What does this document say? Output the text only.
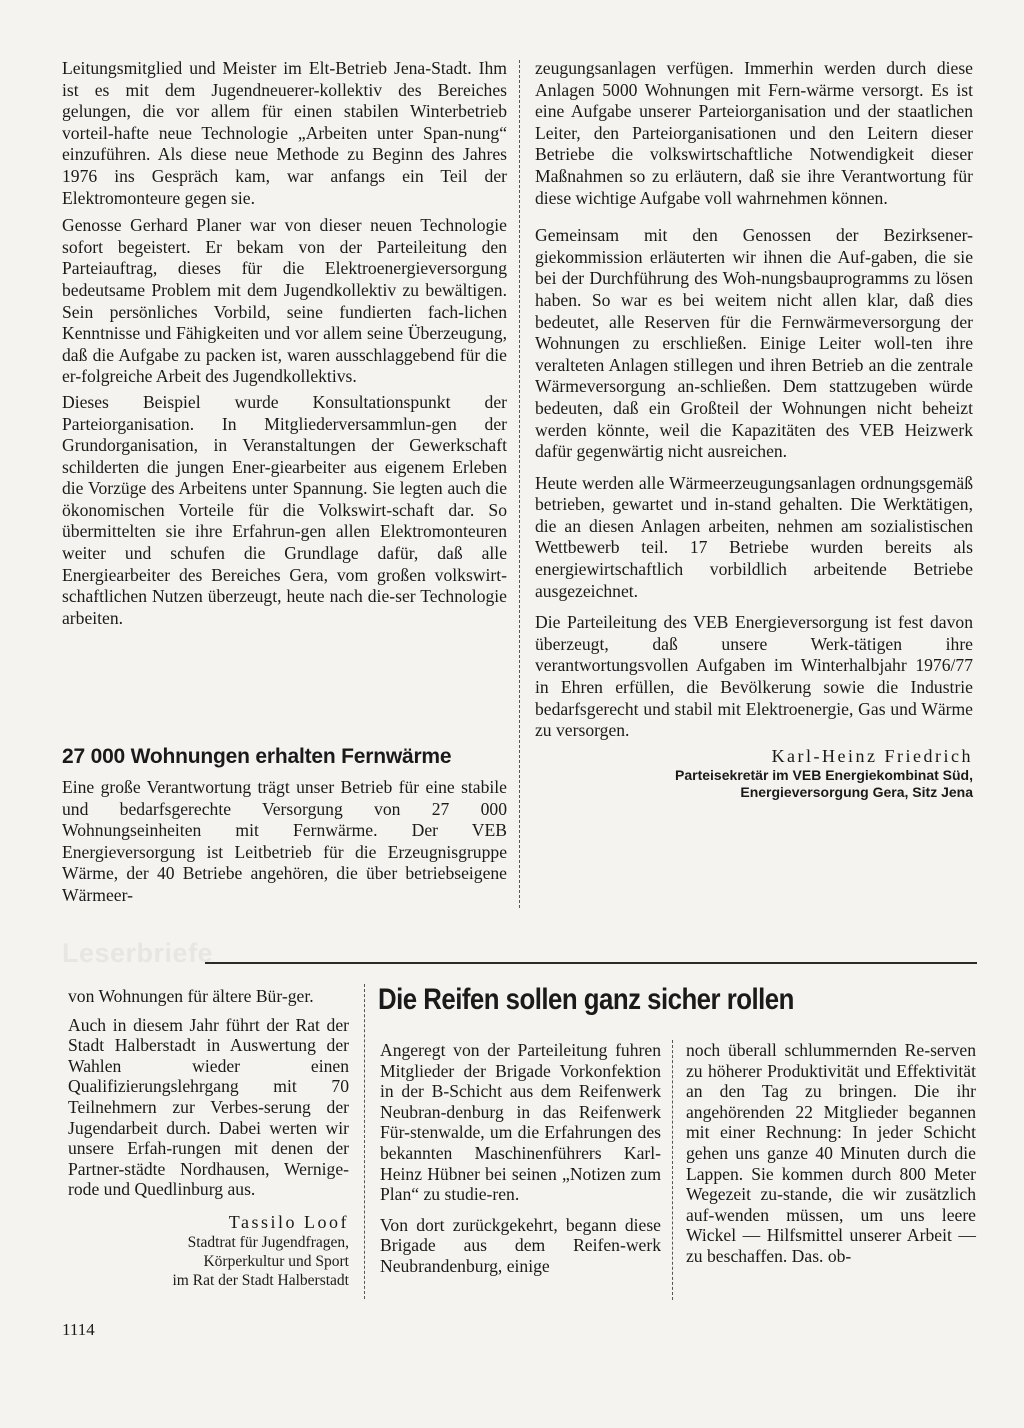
Leitungsmitglied und Meister im Elt-Betrieb Jena-Stadt. Ihm ist es mit dem Jugendneuerer-kollektiv des Bereiches gelungen, die vor allem für einen stabilen Winterbetrieb vorteil-hafte neue Technologie „Arbeiten unter Span-nung“ einzuführen. Als diese neue Methode zu Beginn des Jahres 1976 ins Gespräch kam, war anfangs ein Teil der Elektromonteure gegen sie.

Genosse Gerhard Planer war von dieser neuen Technologie sofort begeistert. Er bekam von der Parteileitung den Parteiauftrag, dieses für die Elektroenergieversorgung bedeutsame Problem mit dem Jugendkollektiv zu bewältigen. Sein persönliches Vorbild, seine fundierten fach-lichen Kenntnisse und Fähigkeiten und vor allem seine Überzeugung, daß die Aufgabe zu packen ist, waren ausschlaggebend für die er-folgreiche Arbeit des Jugendkollektivs.

Dieses Beispiel wurde Konsultationspunkt der Parteiorganisation. In Mitgliederversammlun-gen der Grundorganisation, in Veranstaltungen der Gewerkschaft schilderten die jungen Ener-giearbeiter aus eigenem Erleben die Vorzüge des Arbeitens unter Spannung. Sie legten auch die ökonomischen Vorteile für die Volkswirt-schaft dar. So übermittelten sie ihre Erfahrun-gen allen Elektromonteuren weiter und schufen die Grundlage dafür, daß alle Energiearbeiter des Bereiches Gera, vom großen volkswirt-schaftlichen Nutzen überzeugt, heute nach die-ser Technologie arbeiten.

27 000 Wohnungen erhalten Fernwärme

Eine große Verantwortung trägt unser Betrieb für eine stabile und bedarfsgerechte Versorgung von 27 000 Wohnungseinheiten mit Fernwärme. Der VEB Energieversorgung ist Leitbetrieb für die Erzeugnisgruppe Wärme, der 40 Betriebe angehören, die über betriebseigene Wärmeer-

zeugungsanlagen verfügen. Immerhin werden durch diese Anlagen 5000 Wohnungen mit Fern-wärme versorgt. Es ist eine Aufgabe unserer Parteiorganisation und der staatlichen Leiter, den Parteiorganisationen und den Leitern dieser Betriebe die volkswirtschaftliche Notwendigkeit dieser Maßnahmen so zu erläutern, daß sie ihre Verantwortung für diese wichtige Aufgabe voll wahrnehmen können.

Gemeinsam mit den Genossen der Bezirksener-giekommission erläuterten wir ihnen die Auf-gaben, die sie bei der Durchführung des Woh-nungsbauprogramms zu lösen haben. So war es bei weitem nicht allen klar, daß dies bedeutet, alle Reserven für die Fernwärmeversorgung der Wohnungen zu erschließen. Einige Leiter woll-ten ihre veralteten Anlagen stillegen und ihren Betrieb an die zentrale Wärmeversorgung an-schließen. Dem stattzugeben würde bedeuten, daß ein Großteil der Wohnungen nicht beheizt werden könnte, weil die Kapazitäten des VEB Heizwerk dafür gegenwärtig nicht ausreichen.

Heute werden alle Wärmeerzeugungsanlagen ordnungsgemäß betrieben, gewartet und in-stand gehalten. Die Werktätigen, die an diesen Anlagen arbeiten, nehmen am sozialistischen Wettbewerb teil. 17 Betriebe wurden bereits als energiewirtschaftlich vorbildlich arbeitende Betriebe ausgezeichnet.

Die Parteileitung des VEB Energieversorgung ist fest davon überzeugt, daß unsere Werk-tätigen ihre verantwortungsvollen Aufgaben im Winterhalbjahr 1976/77 in Ehren erfüllen, die Bevölkerung sowie die Industrie bedarfsgerecht und stabil mit Elektroenergie, Gas und Wärme zu versorgen.

Karl-Heinz Friedrich
Parteisekretär im VEB Energiekombinat Süd,
Energieversorgung Gera, Sitz Jena
Leserbriefe

von Wohnungen für ältere Bür-ger.

Auch in diesem Jahr führt der Rat der Stadt Halberstadt in Auswertung der Wahlen wieder einen Qualifizierungslehrgang mit 70 Teilnehmern zur Verbes-serung der Jugendarbeit durch. Dabei werten wir unsere Erfah-rungen mit denen der Partner-städte Nordhausen, Wernige-rode und Quedlinburg aus.

Tassilo Loof
Stadtrat für Jugendfragen,
Körperkultur und Sport
im Rat der Stadt Halberstadt
Die Reifen sollen ganz sicher rollen

Angeregt von der Parteileitung fuhren Mitglieder der Brigade Vorkonfektion in der B-Schicht aus dem Reifenwerk Neubran-denburg in das Reifenwerk Für-stenwalde, um die Erfahrungen des bekannten Maschinenführers Karl-Heinz Hübner bei seinen „Notizen zum Plan“ zu studie-ren.

Von dort zurückgekehrt, begann diese Brigade aus dem Reifen-werk Neubrandenburg, einige

noch überall schlummernden Re-serven zu höherer Produktivität und Effektivität an den Tag zu bringen. Die ihr angehörenden 22 Mitglieder begannen mit einer Rechnung: In jeder Schicht gehen uns ganze 40 Minuten durch die Lappen. Sie kommen durch 800 Meter Wegezeit zu-stande, die wir zusätzlich auf-wenden müssen, um uns leere Wickel — Hilfsmittel unserer Arbeit — zu beschaffen. Das. ob-

1114
